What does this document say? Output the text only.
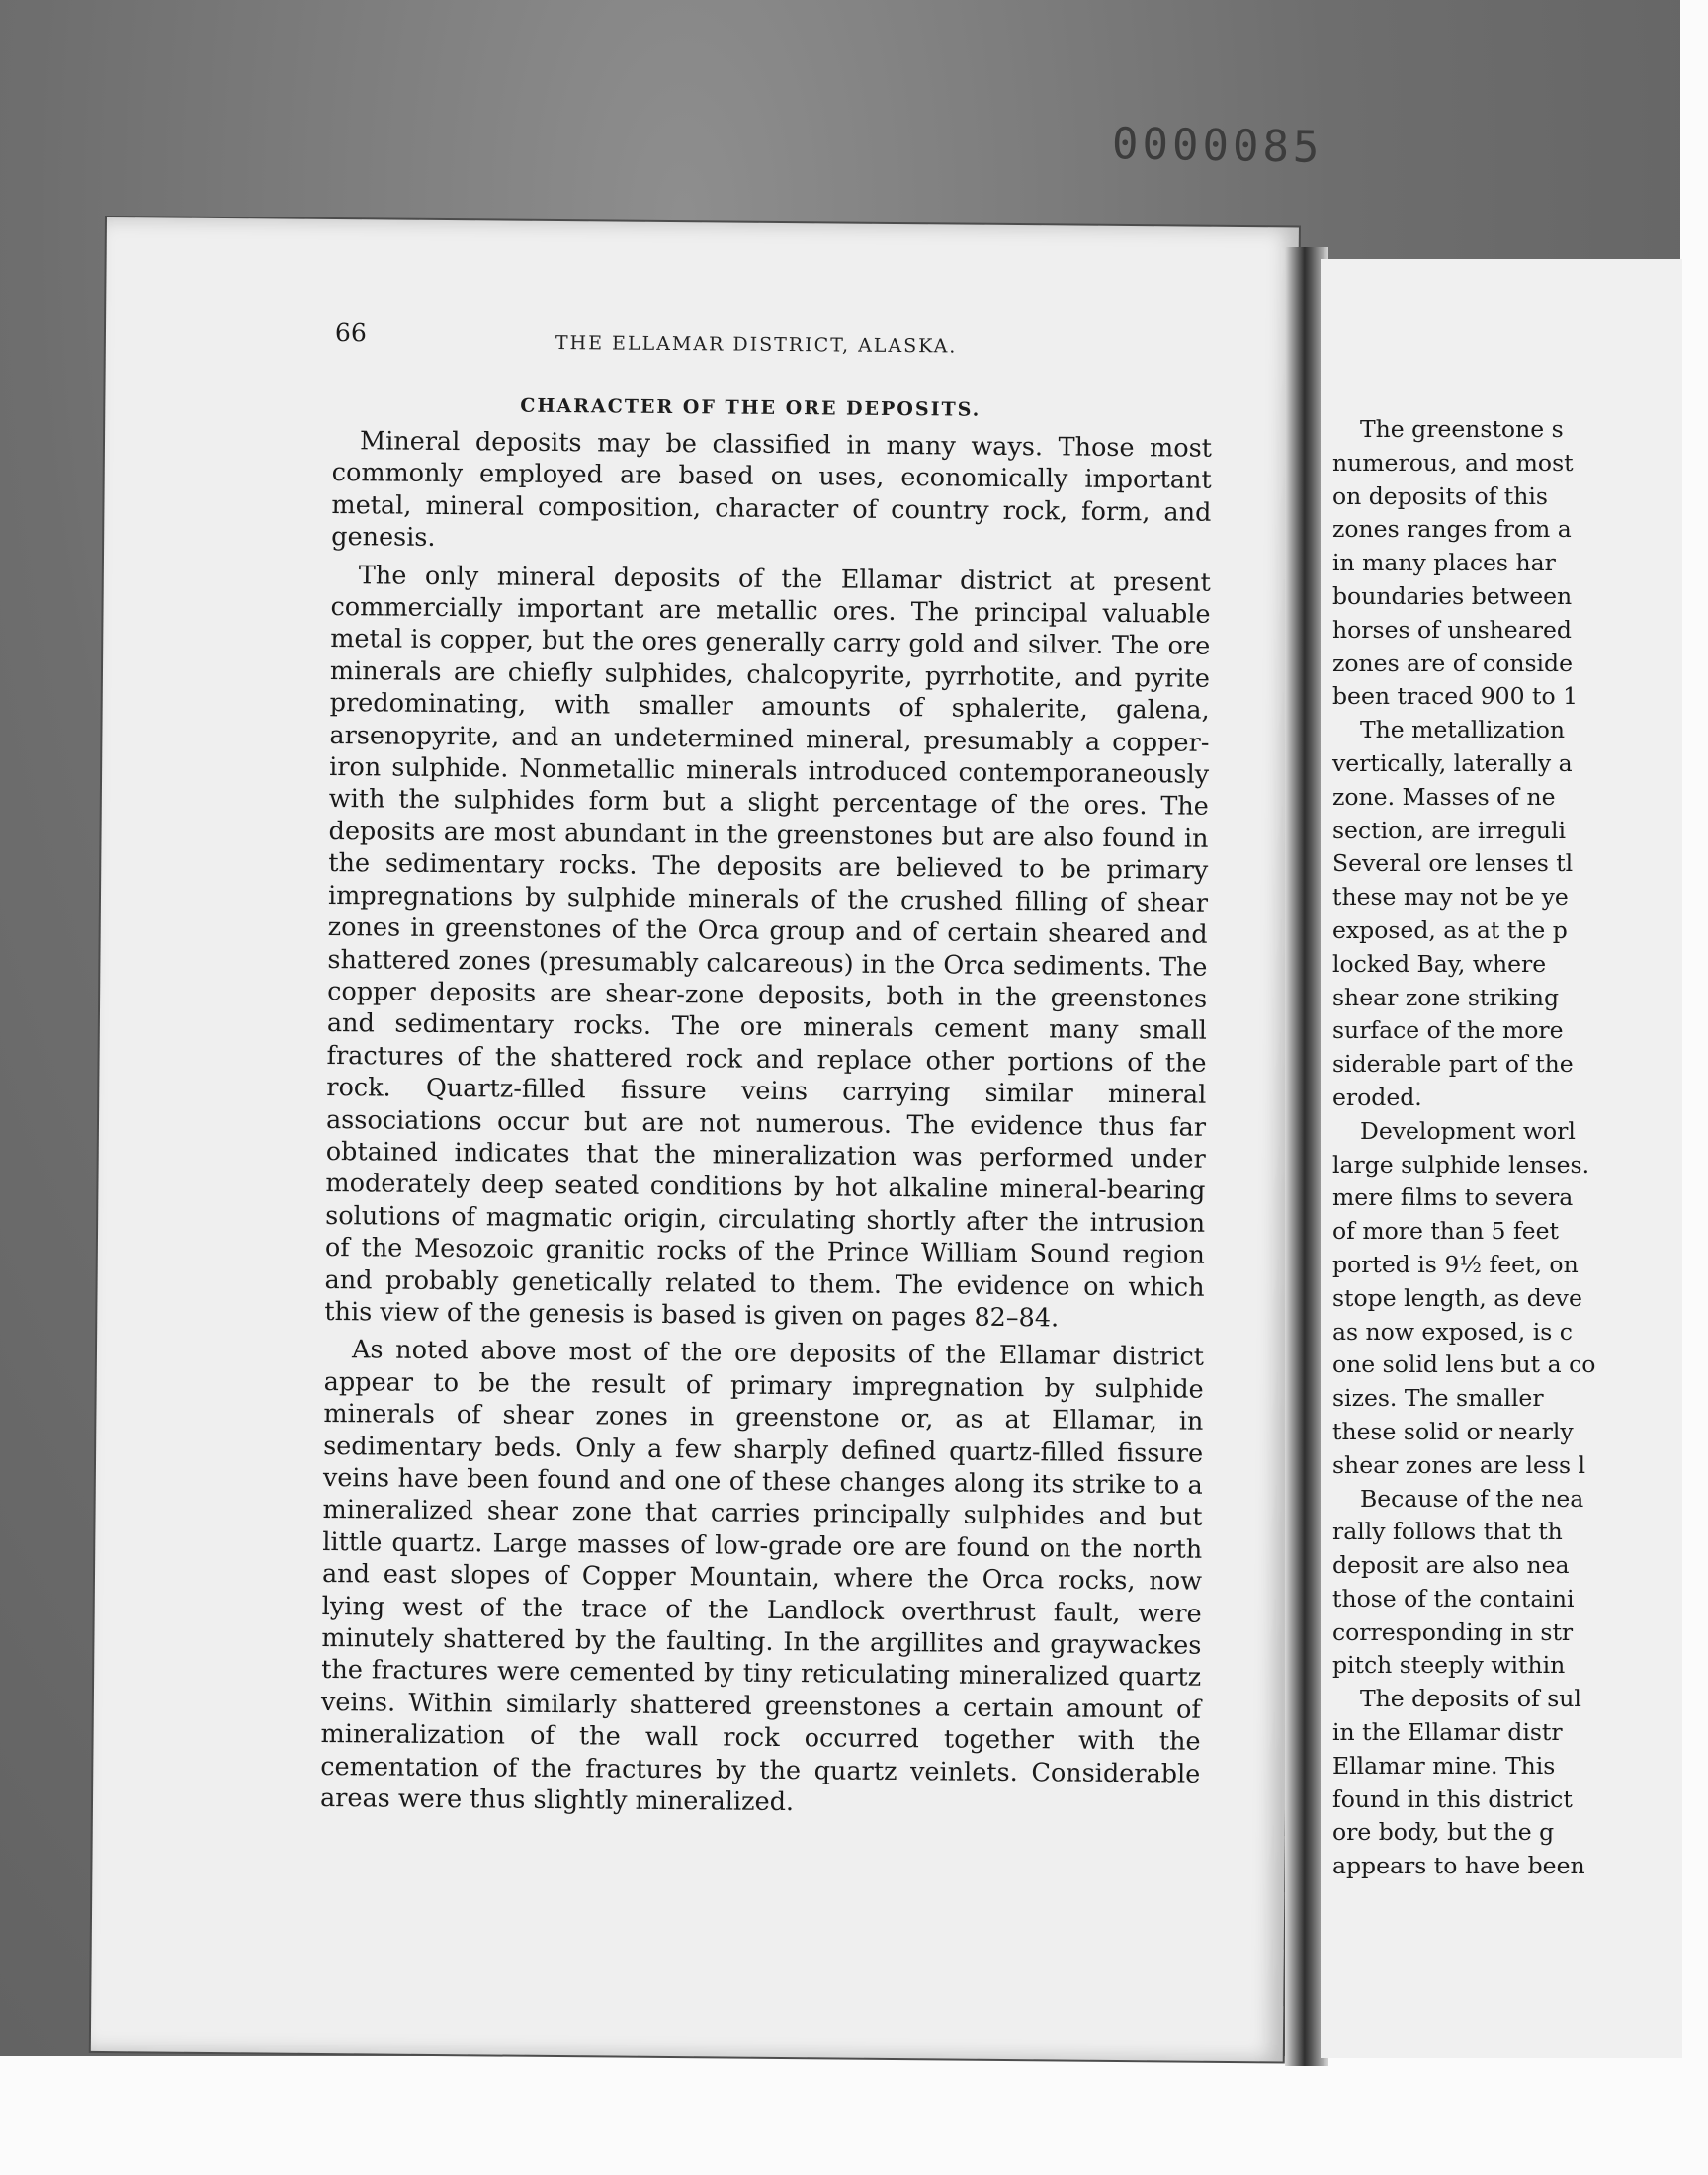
0000085
66	THE ELLAMAR DISTRICT, ALASKA.
CHARACTER OF THE ORE DEPOSITS.

Mineral deposits may be classified in many ways. Those most commonly employed are based on uses, economically important metal, mineral composition, character of country rock, form, and genesis.

The only mineral deposits of the Ellamar district at present commercially important are metallic ores. The principal valuable metal is copper, but the ores generally carry gold and silver. The ore minerals are chiefly sulphides, chalcopyrite, pyrrhotite, and pyrite predominating, with smaller amounts of sphalerite, galena, arsenopyrite, and an undetermined mineral, presumably a copper-iron sulphide. Nonmetallic minerals introduced contemporaneously with the sulphides form but a slight percentage of the ores. The deposits are most abundant in the greenstones but are also found in the sedimentary rocks. The deposits are believed to be primary impregnations by sulphide minerals of the crushed filling of shear zones in greenstones of the Orca group and of certain sheared and shattered zones (presumably calcareous) in the Orca sediments. The copper deposits are shear-zone deposits, both in the greenstones and sedimentary rocks. The ore minerals cement many small fractures of the shattered rock and replace other portions of the rock. Quartz-filled fissure veins carrying similar mineral associations occur but are not numerous. The evidence thus far obtained indicates that the mineralization was performed under moderately deep seated conditions by hot alkaline mineral-bearing solutions of magmatic origin, circulating shortly after the intrusion of the Mesozoic granitic rocks of the Prince William Sound region and probably genetically related to them. The evidence on which this view of the genesis is based is given on pages 82–84.

As noted above most of the ore deposits of the Ellamar district appear to be the result of primary impregnation by sulphide minerals of shear zones in greenstone or, as at Ellamar, in sedimentary beds. Only a few sharply defined quartz-filled fissure veins have been found and one of these changes along its strike to a mineralized shear zone that carries principally sulphides and but little quartz. Large masses of low-grade ore are found on the north and east slopes of Copper Mountain, where the Orca rocks, now lying west of the trace of the Landlock overthrust fault, were minutely shattered by the faulting. In the argillites and graywackes the fractures were cemented by tiny reticulating mineralized quartz veins. Within similarly shattered greenstones a certain amount of mineralization of the wall rock occurred together with the cementation of the fractures by the quartz veinlets. Considerable areas were thus slightly mineralized.

The greenstone s
numerous, and most
on deposits of this
zones ranges from a
in many places har
boundaries between
horses of unsheared
zones are of conside
been traced 900 to 1
The metallization
vertically, laterally a
zone. Masses of ne
section, are irreguli
Several ore lenses tl
these may not be ye
exposed, as at the p
locked Bay, where
shear zone striking
surface of the more
siderable part of the
eroded.
Development worl
large sulphide lenses.
mere films to severa
of more than 5 feet
ported is 9½ feet, on
stope length, as deve
as now exposed, is c
one solid lens but a co
sizes. The smaller
these solid or nearly
shear zones are less l
Because of the nea
rally follows that th
deposit are also nea
those of the containi
corresponding in str
pitch steeply within
The deposits of sul
in the Ellamar distr
Ellamar mine. This
found in this district
ore body, but the g
appears to have been
